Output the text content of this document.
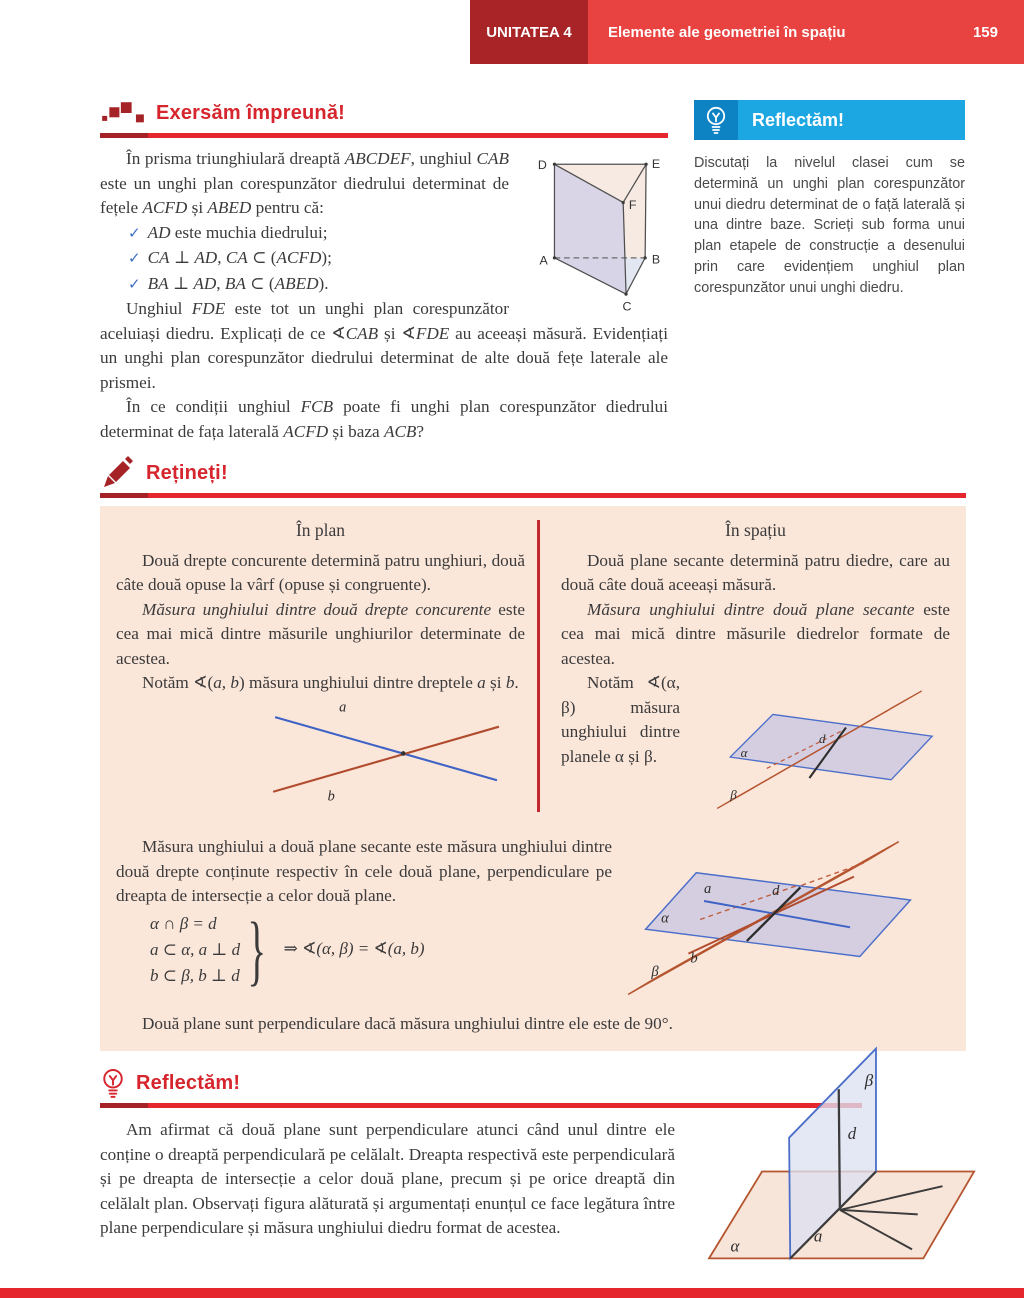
UNITATEA 4	Elemente ale geometriei în spațiu	159
Exersăm împreună!
D	E
F
A	B
C

În prisma triunghiulară dreaptă ABCDEF, unghiul CAB este un unghi plan corespunzător diedrului determinat de fețele ACFD și ABED pentru că:

✓ AD este muchia diedrului;
✓ CA ⊥ AD, CA ⊂ (ACFD);
✓ BA ⊥ AD, BA ⊂ (ABED).

Unghiul FDE este tot un unghi plan corespunzător aceluiași diedru. Explicați de ce ∢CAB și ∢FDE au aceeași măsură. Evidențiați un unghi plan corespunzător diedrului determinat de alte două fețe laterale ale prismei.

În ce condiții unghiul FCB poate fi unghi plan corespunzător diedrului determinat de fața laterală ACFD și baza ACB?

Reflectăm!
Discutați la nivelul clasei cum se determină un unghi plan corespunzător unui diedru determinat de o față laterală și una dintre baze. Scrieți sub forma unui plan etapele de construcție a desenului prin care evidențiem unghiul plan corespunzător unui unghi diedru.
Rețineți!
În plan

Două drepte concurente determină patru unghiuri, două câte două opuse la vârf (opuse și congruente).

Măsura unghiului dintre două drepte concurente este cea mai mică dintre măsurile unghiurilor determinate de acestea.

Notăm ∢(a, b) măsura unghiului dintre dreptele a și b.

a
b
În spațiu

Două plane secante determină patru diedre, care au două câte două aceeași măsură.

Măsura unghiului dintre două plane secante este cea mai mică dintre măsurile diedrelor formate de acestea.

α
β
d

Notăm ∢(α, β) măsura unghiului dintre planele α și β.

Măsura unghiului a două plane secante este măsura unghiului dintre două drepte conținute respectiv în cele două plane, perpendiculare pe dreapta de intersecție a celor două plane.

α ∩ β = d
a ⊂ α, a ⊥ d
b ⊂ β, b ⊥ d } ⇒ ∢(α, β) = ∢(a, b)
α
β
a
b
d

Două plane sunt perpendiculare dacă măsura unghiului dintre ele este de 90°.

Reflectăm!

Am afirmat că două plane sunt perpendiculare atunci când unul dintre ele conține o dreaptă perpendiculară pe celălalt. Dreapta respectivă este perpendiculară și pe dreapta de intersecție a celor două plane, precum și pe orice dreaptă din celălalt plan. Observați figura alăturată și argumentați enunțul ce face legătura între plane perpendiculare și măsura unghiului diedru format de acestea.

β
d
α
a
